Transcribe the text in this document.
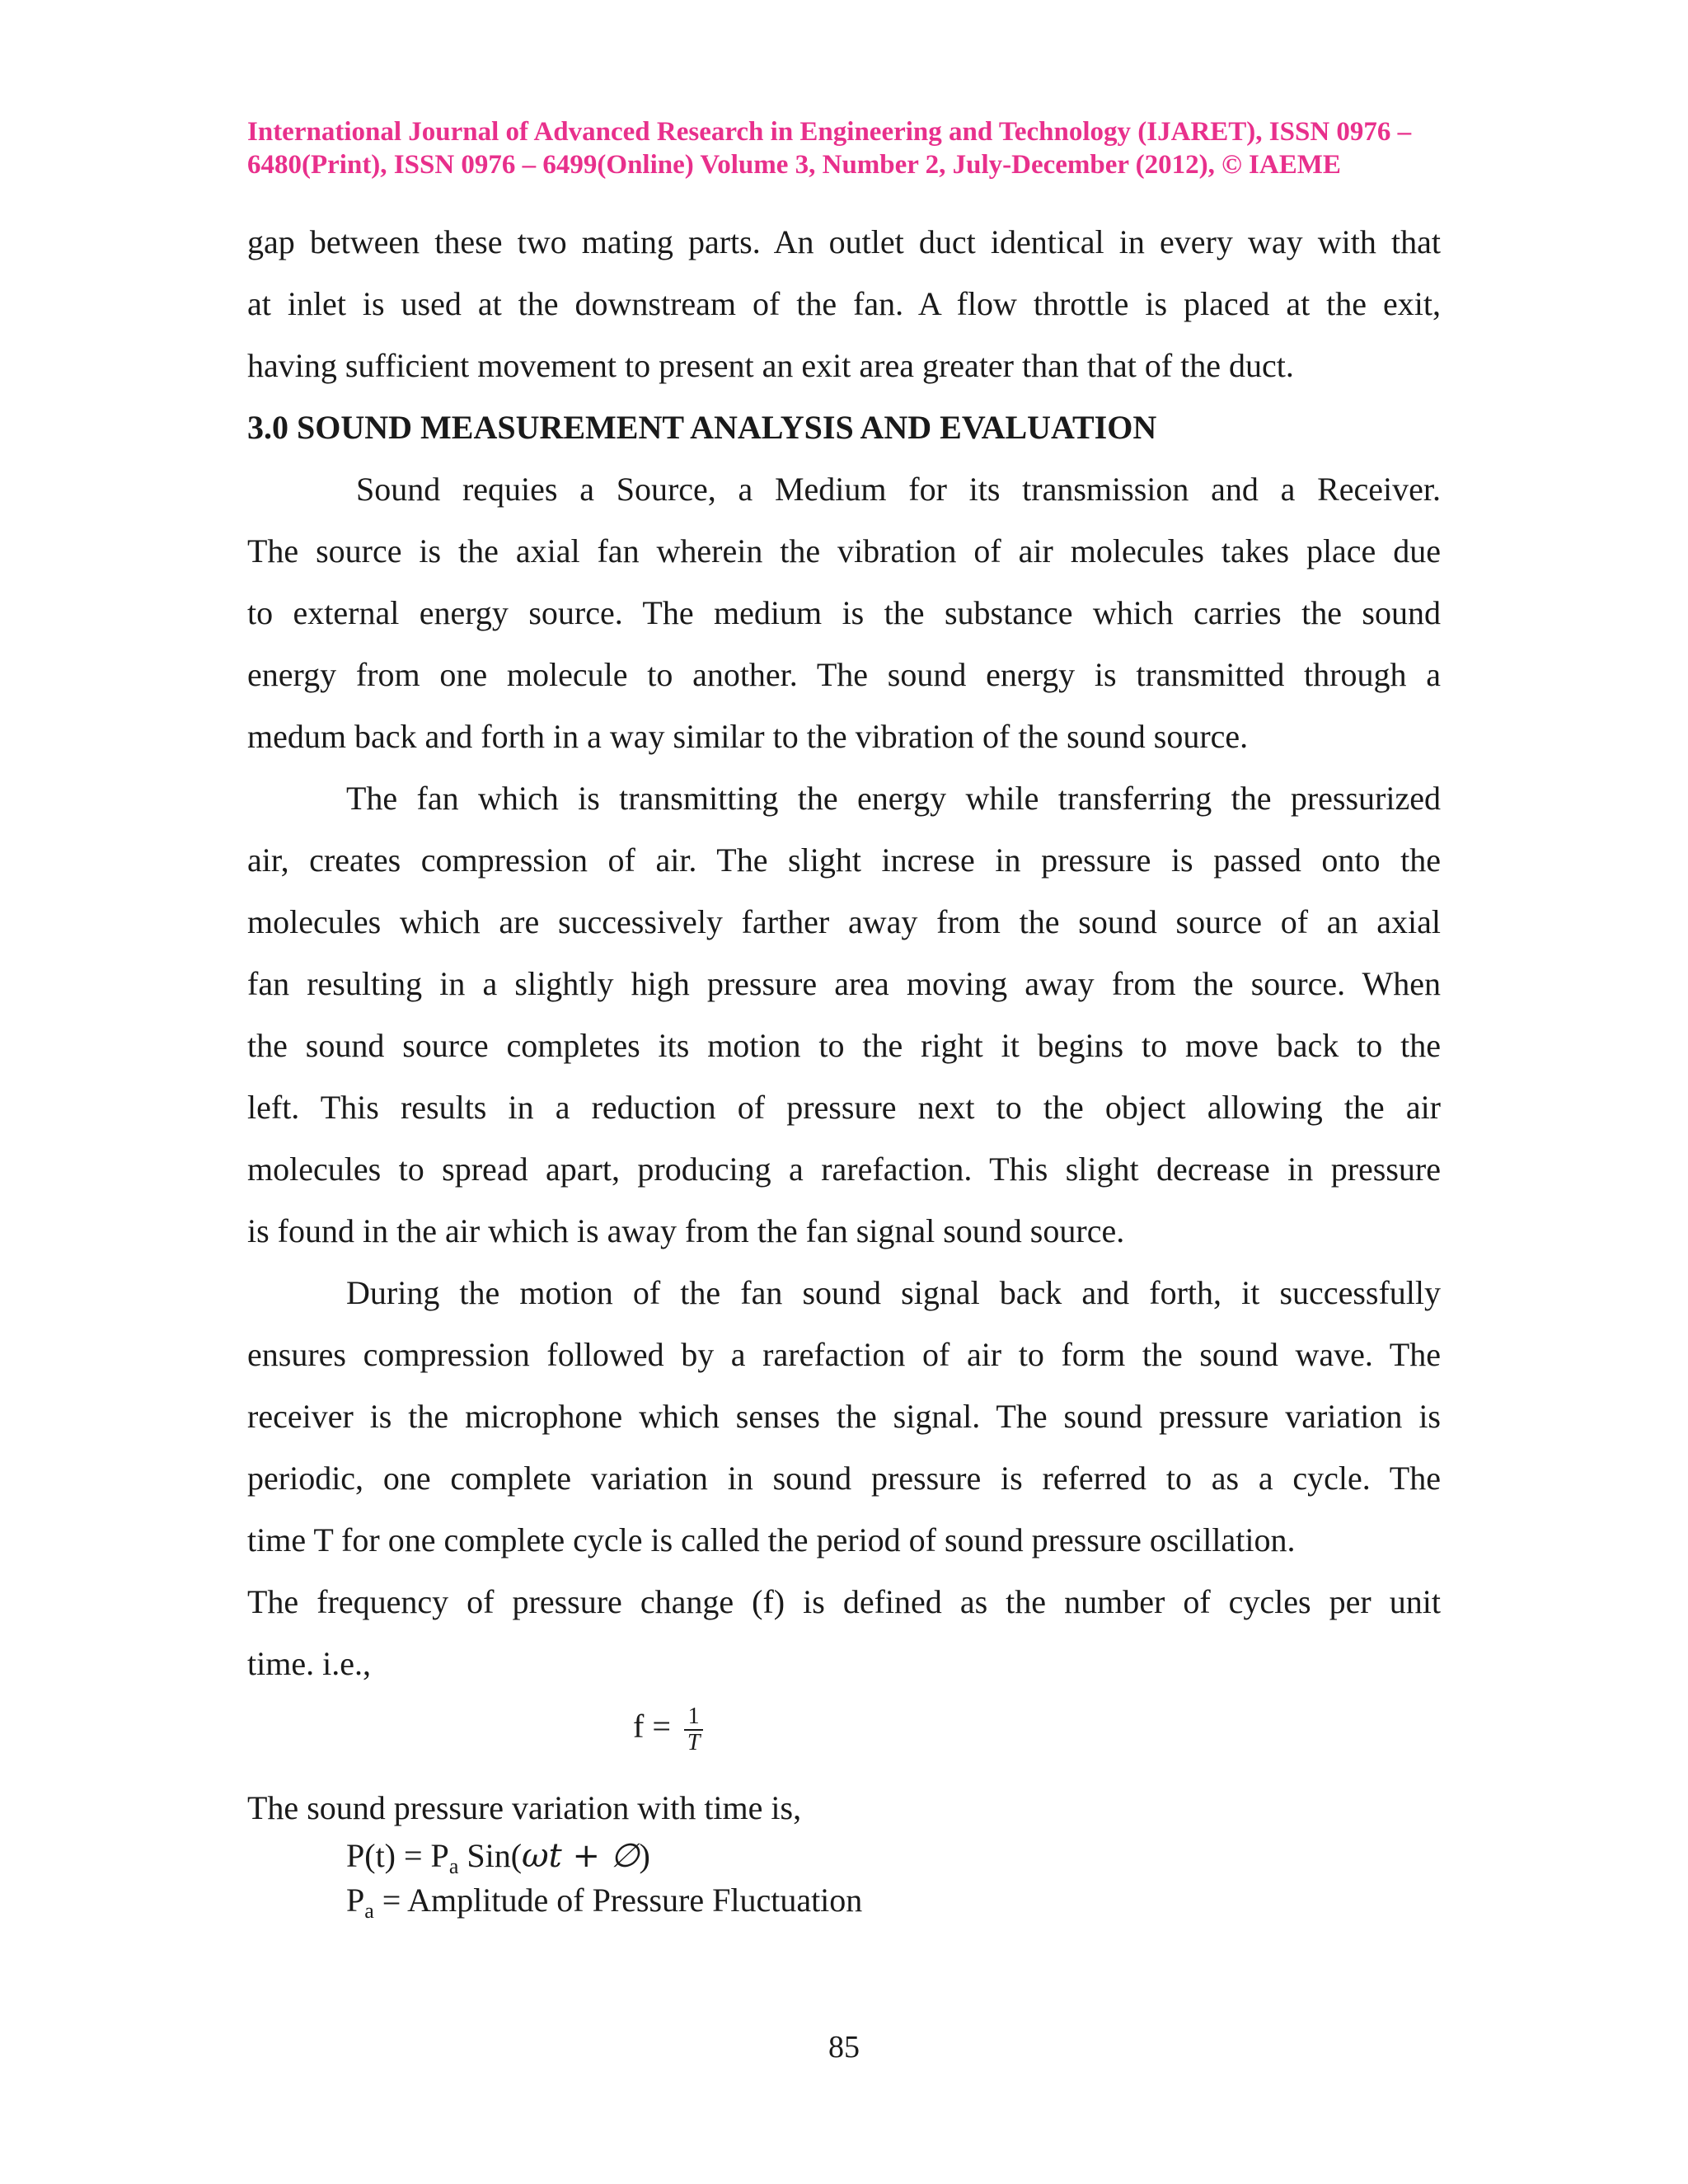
International Journal of Advanced Research in Engineering and Technology (IJARET), ISSN 0976 –
6480(Print), ISSN 0976 – 6499(Online) Volume 3, Number 2, July-December (2012), © IAEME
gap between these two mating parts. An outlet duct identical in every way with that
at inlet is used at the downstream of the fan. A flow throttle is placed at the exit,
having sufficient movement to present an exit area greater than that of the duct.
3.0 SOUND MEASUREMENT ANALYSIS AND EVALUATION
Sound requies a Source, a Medium for its transmission and a Receiver.
The source is the axial fan wherein the vibration of air molecules takes place due
to external energy source. The medium is the substance which carries the sound
energy from one molecule to another. The sound energy is transmitted through a
medum back and forth in a way similar to the vibration of the sound source.
The fan which is transmitting the energy while transferring the pressurized
air, creates compression of air. The slight increse in pressure is passed onto the
molecules which are successively farther away from the sound source of an axial
fan resulting in a slightly high pressure area moving away from the source. When
the sound source completes its motion to the right it begins to move back to the
left. This results in a reduction of pressure next to the object allowing the air
molecules to spread apart, producing a rarefaction. This slight decrease in pressure
is found in the air which is away from the fan signal sound source.
During the motion of the fan sound signal back and forth, it successfully
ensures compression followed by a rarefaction of air to form the sound wave. The
receiver is the microphone which senses the signal. The sound pressure variation is
periodic, one complete variation in sound pressure is referred to as a cycle. The
time T for one complete cycle is called the period of sound pressure oscillation.
The frequency of pressure change (f) is defined as the number of cycles per unit
time. i.e.,
$f = \frac{1}{T}$
The sound pressure variation with time is,
$P(t) = P_a$ Sin(ωt + ∅)
$P_a$ = Amplitude of Pressure Fluctuation
85
